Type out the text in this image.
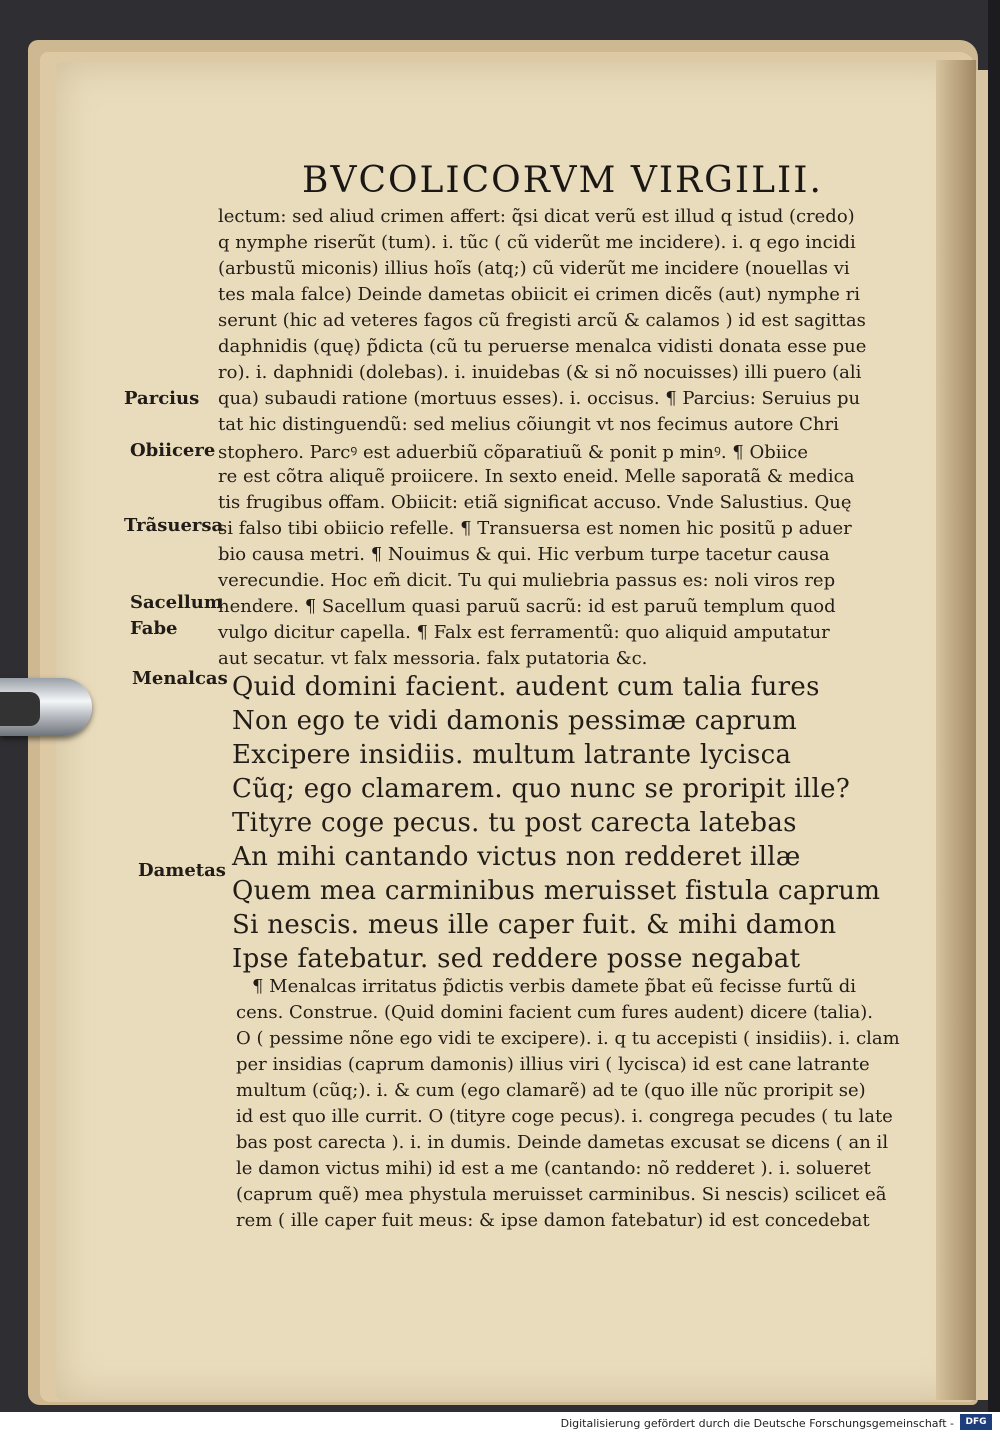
BVCOLICORVM VIRGILII.
Parcius
Obiicere
Trãsuersa
Sacellum
Fabe
Menalcas
Dametas
lectum: sed aliud crimen affert: q̃si dicat verũ est illud q istud (credo)
q nymphe riserũt (tum). i. tũc ( cũ viderũt me incidere). i. q ego incidi
(arbustũ miconis) illius hoĩs (atq;) cũ viderũt me incidere (nouellas vi
tes mala falce) Deinde dametas obiicit ei crimen dicẽs (aut) nymphe ri
serunt (hic ad veteres fagos cũ fregisti arcũ & calamos ) id est sagittas
daphnidis (quę) p̃dicta (cũ tu peruerse menalca vidisti donata esse pue
ro). i. daphnidi (dolebas). i. inuidebas (& si nõ nocuisses) illi puero (ali
qua) subaudi ratione (mortuus esses). i. occisus. ¶ Parcius: Seruius pu
tat hic distinguendũ: sed melius cõiungit vt nos fecimus autore Chri
stophero. Parcꝰ est aduerbiũ cõparatiuũ & ponit p minꝰ. ¶ Obiice
re est cõtra aliquẽ proiicere. In sexto eneid. Melle saporatã & medica
tis frugibus offam. Obiicit: etiã significat accuso. Vnde Salustius. Quę
si falso tibi obiicio refelle. ¶ Transuersa est nomen hic positũ p aduer
bio causa metri. ¶ Nouimus & qui. Hic verbum turpe tacetur causa
verecundie. Hoc em̃ dicit. Tu qui muliebria passus es: noli viros rep
hendere. ¶ Sacellum quasi paruũ sacrũ: id est paruũ templum quod
vulgo dicitur capella. ¶ Falx est ferramentũ: quo aliquid amputatur
aut secatur. vt falx messoria. falx putatoria &c.
Quid domini facient. audent cum talia fures
Non ego te vidi damonis pessimæ caprum
Excipere insidiis. multum latrante lycisca
Cũq; ego clamarem. quo nunc se proripit ille?
Tityre coge pecus. tu post carecta latebas
An mihi cantando victus non redderet illæ
Quem mea carminibus meruisset fistula caprum
Si nescis. meus ille caper fuit. & mihi damon
Ipse fatebatur. sed reddere posse negabat
¶ Menalcas irritatus p̃dictis verbis damete p̃bat eũ fecisse furtũ di
cens. Construe. (Quid domini facient cum fures audent) dicere (talia).
O ( pessime nõne ego vidi te excipere). i. q tu accepisti ( insidiis). i. clam
per insidias (caprum damonis) illius viri ( lycisca) id est cane latrante
multum (cũq;). i. & cum (ego clamarẽ) ad te (quo ille nũc proripit se)
id est quo ille currit. O (tityre coge pecus). i. congrega pecudes ( tu late
bas post carecta ). i. in dumis. Deinde dametas excusat se dicens ( an il
le damon victus mihi) id est a me (cantando: nõ redderet ). i. solueret
(caprum quẽ) mea phystula meruisset carminibus. Si nescis) scilicet eã
rem ( ille caper fuit meus: & ipse damon fatebatur) id est concedebat
Digitalisierung gefördert durch die Deutsche Forschungsgemeinschaft -	DFG
